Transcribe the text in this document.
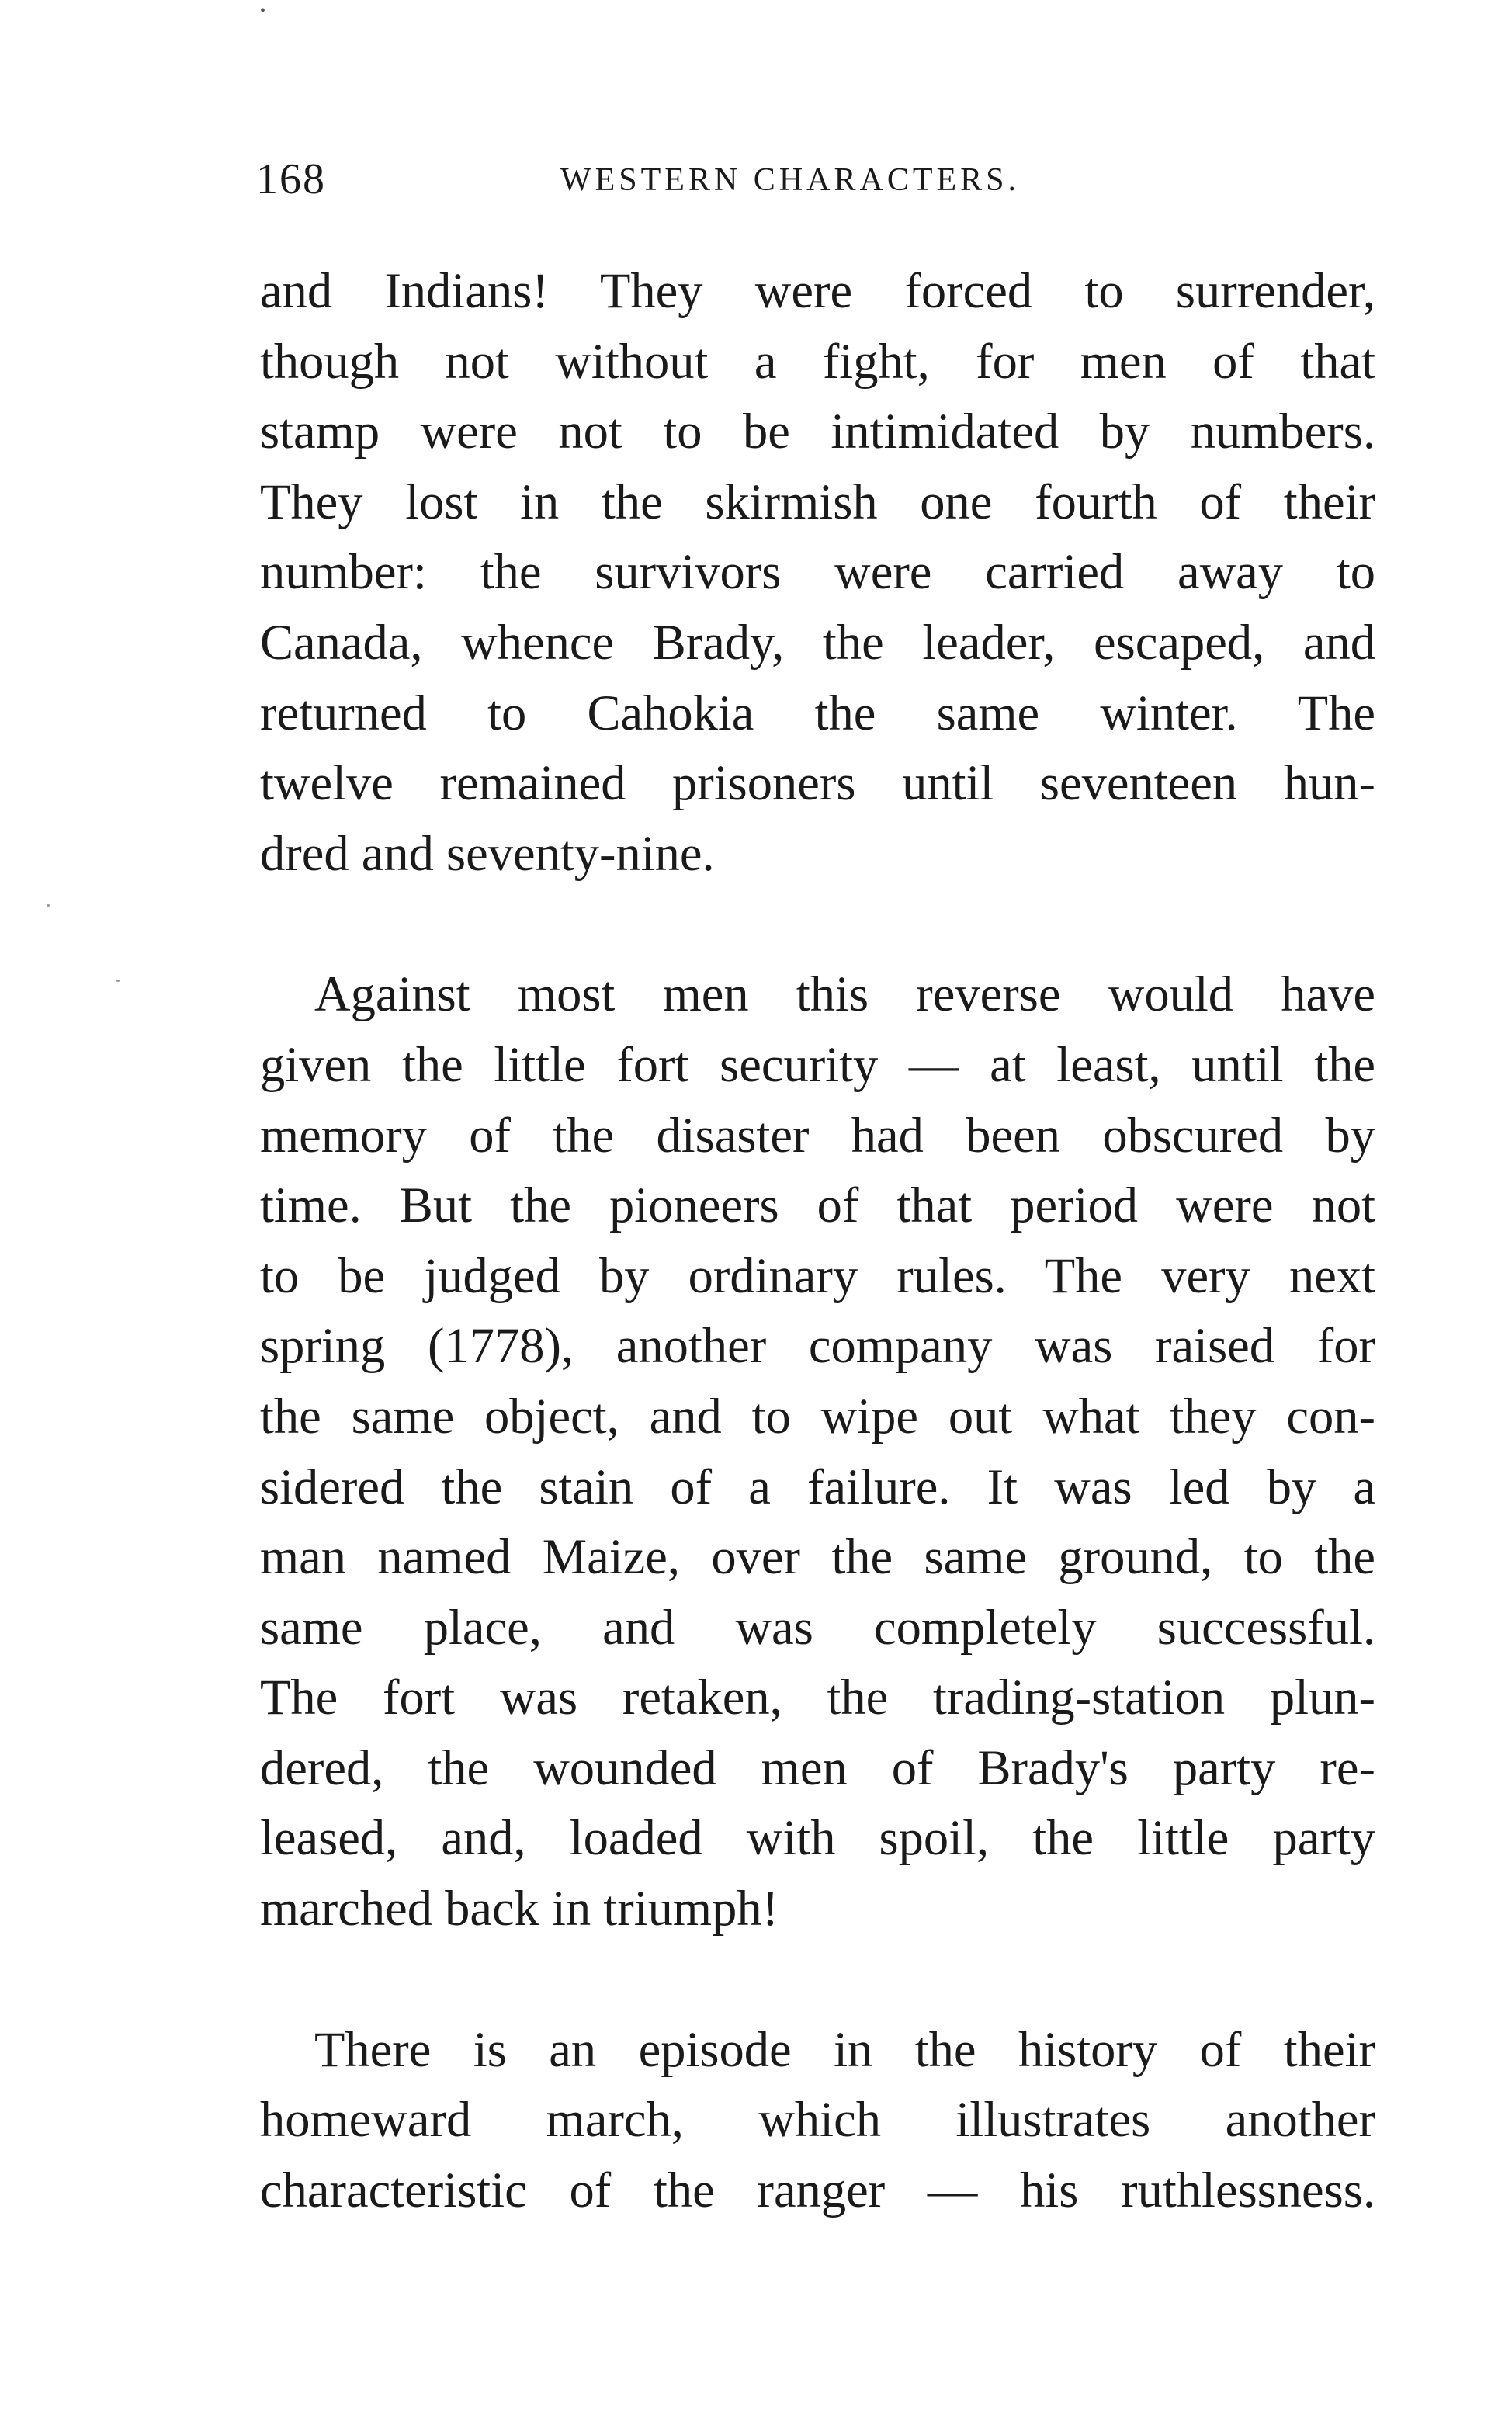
•
168	WESTERN CHARACTERS.

and Indians! They were forced to surrender,
though not without a fight, for men of that
stamp were not to be intimidated by numbers.
They lost in the skirmish one fourth of their
number: the survivors were carried away to
Canada, whence Brady, the leader, escaped, and
returned to Cahokia the same winter. The
twelve remained prisoners until seventeen hun-
dred and seventy-nine.

Against most men this reverse would have
given the little fort security — at least, until the
memory of the disaster had been obscured by
time. But the pioneers of that period were not
to be judged by ordinary rules. The very next
spring (1778), another company was raised for
the same object, and to wipe out what they con-
sidered the stain of a failure. It was led by a
man named Maize, over the same ground, to the
same place, and was completely successful.
The fort was retaken, the trading-station plun-
dered, the wounded men of Brady's party re-
leased, and, loaded with spoil, the little party
marched back in triumph!

There is an episode in the history of their
homeward march, which illustrates another
characteristic of the ranger — his ruthlessness.
